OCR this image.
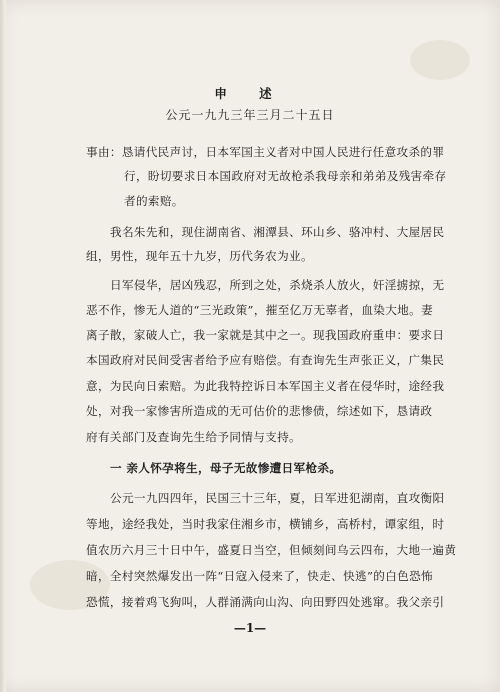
申 述
公元一九九三年三月二十五日
事由：恳请代民声讨，日本军国主义者对中国人民进行任意攻杀的罪
行，盼切要求日本国政府对无故枪杀我母亲和弟弟及残害牵存
者的索赔。
我名朱先和，现住湖南省、湘潭县、环山乡、骆冲村、大屋居民
组，男性，现年五十九岁，历代务农为业。
日军侵华，居凶残忍，所到之处，杀烧杀人放火，奸淫掳掠，无
恶不作，惨无人道的“三光政策”，摧至亿万无辜者，血染大地。妻
离子散，家破人亡，我一家就是其中之一。现我国政府重申：要求日
本国政府对民间受害者给予应有赔偿。有查询先生声张正义，广集民
意，为民向日索赔。为此我特控诉日本军国主义者在侵华时，途经我
处，对我一家惨害所造成的无可估价的悲惨债，综述如下，恳请政
府有关部门及查询先生给予同情与支持。
一 亲人怀孕将生，母子无故惨遭日军枪杀。
公元一九四四年，民国三十三年，夏，日军进犯湖南，直攻衡阳
等地，途经我处，当时我家住湘乡市，横铺乡，高桥村，谭家组，时
值农历六月三十日中午，盛夏日当空，但倾刻间乌云四布，大地一遍黄
暗，全村突然爆发出一阵“日寇入侵来了，快走、快逃”的白色恐怖
恐慌，接着鸡飞狗叫，人群涌满向山沟、向田野四处逃窜。我父亲引
—1—
